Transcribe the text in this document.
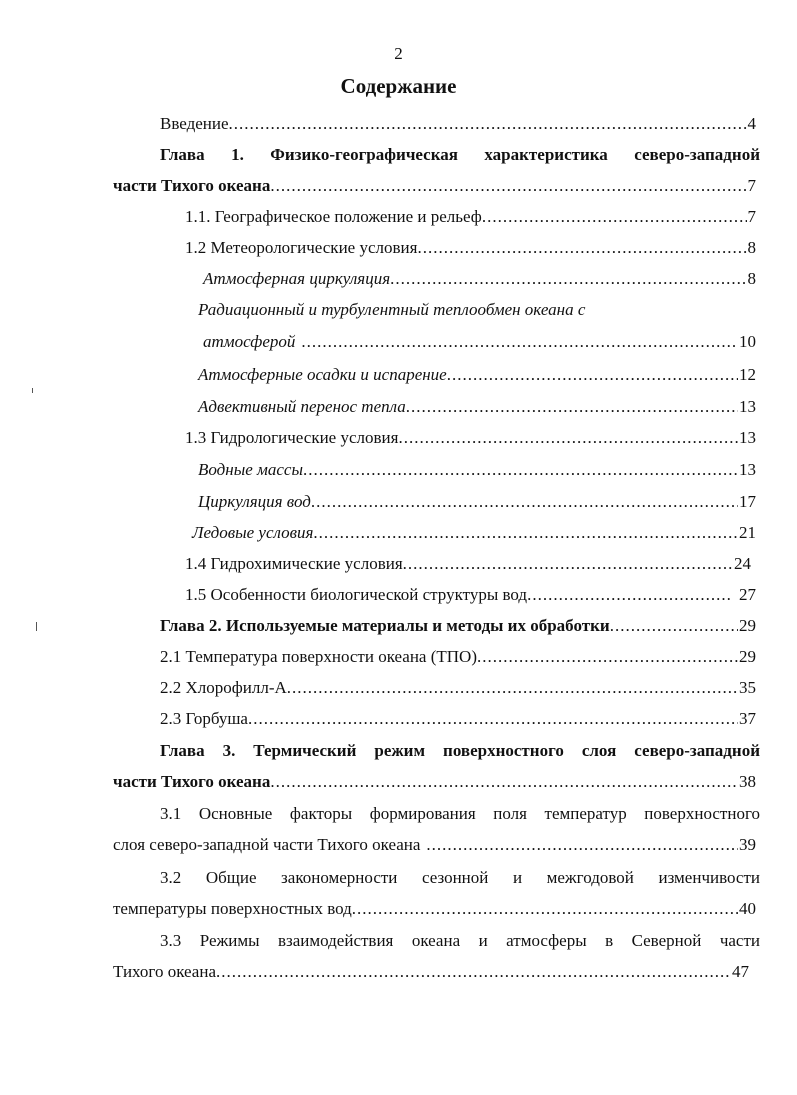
2
Содержание
Введение .....	4
Глава 1. Физико-географическая характеристика северо-западной
части Тихого океана .....	7
1.1. Географическое положение и рельеф .....	7
1.2 Метеорологические условия .....	8
Атмосферная циркуляция .....	8
Радиационный и турбулентный теплообмен океана с
атмосферой .....	10
Атмосферные осадки и испарение .....	12
Адвективный перенос тепла .....	13
1.3 Гидрологические условия .....	13
Водные массы .....	13
Циркуляция вод .....	17
Ледовые условия .....	21
1.4 Гидрохимические условия .....	24
1.5 Особенности биологической структуры вод .....	27
Глава 2. Используемые материалы и методы их обработки .....	29
2.1 Температура поверхности океана (ТПО) .....	29
2.2 Хлорофилл-А .....	35
2.3 Горбуша .....	37
Глава 3. Термический режим поверхностного слоя северо-западной
части Тихого океана .....	38
3.1 Основные факторы формирования поля температур поверхностного
слоя северо-западной части Тихого океана .....	39
3.2 Общие закономерности сезонной и межгодовой изменчивости
температуры поверхностных вод .....	40
3.3 Режимы взаимодействия океана и атмосферы в Северной части
Тихого океана .....	47
